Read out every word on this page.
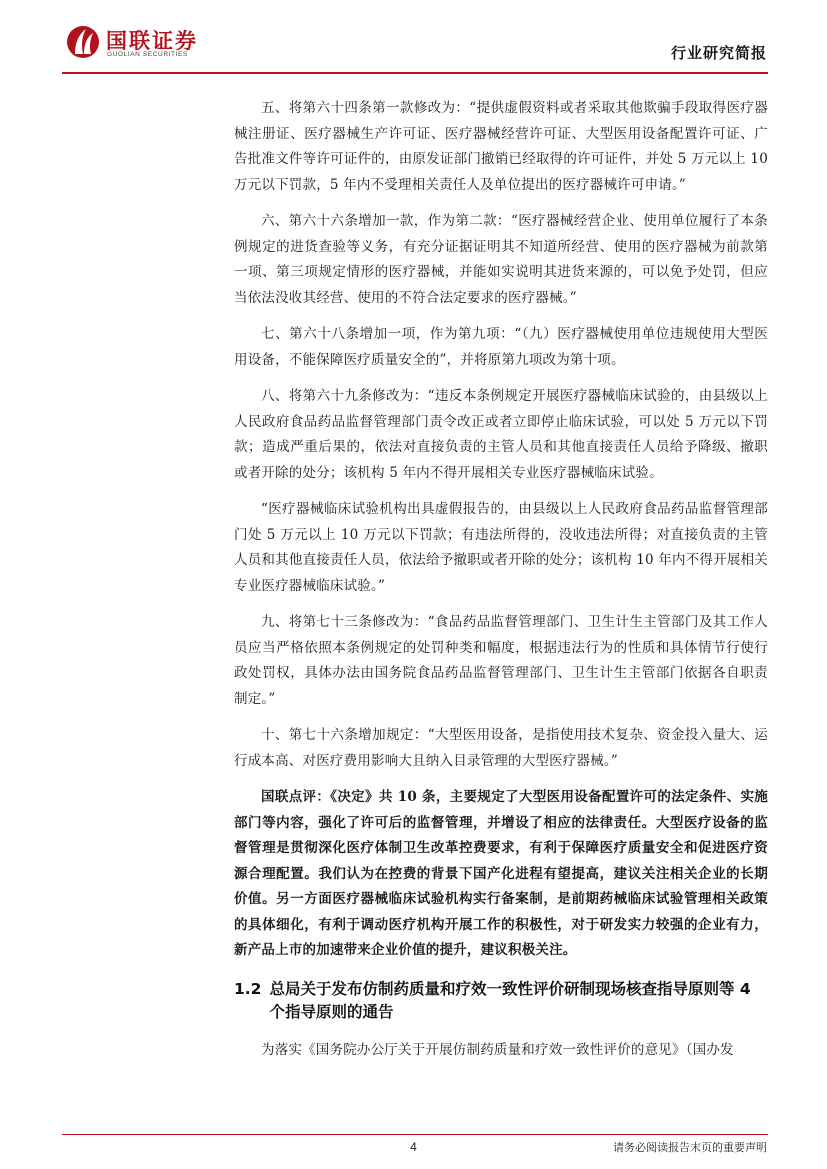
国联证券
GUOLIAN SECURITIES	行业研究简报

五、将第六十四条第一款修改为：“提供虚假资料或者采取其他欺骗手段取得医疗器械注册证、医疗器械生产许可证、医疗器械经营许可证、大型医用设备配置许可证、广告批准文件等许可证件的，由原发证部门撤销已经取得的许可证件，并处 5 万元以上 10 万元以下罚款，5 年内不受理相关责任人及单位提出的医疗器械许可申请。”

六、第六十六条增加一款，作为第二款：“医疗器械经营企业、使用单位履行了本条例规定的进货查验等义务，有充分证据证明其不知道所经营、使用的医疗器械为前款第一项、第三项规定情形的医疗器械，并能如实说明其进货来源的，可以免予处罚，但应当依法没收其经营、使用的不符合法定要求的医疗器械。”

七、第六十八条增加一项，作为第九项：“（九）医疗器械使用单位违规使用大型医用设备，不能保障医疗质量安全的”，并将原第九项改为第十项。

八、将第六十九条修改为：“违反本条例规定开展医疗器械临床试验的，由县级以上人民政府食品药品监督管理部门责令改正或者立即停止临床试验，可以处 5 万元以下罚款；造成严重后果的，依法对直接负责的主管人员和其他直接责任人员给予降级、撤职或者开除的处分；该机构 5 年内不得开展相关专业医疗器械临床试验。

“医疗器械临床试验机构出具虚假报告的，由县级以上人民政府食品药品监督管理部门处 5 万元以上 10 万元以下罚款；有违法所得的，没收违法所得；对直接负责的主管人员和其他直接责任人员，依法给予撤职或者开除的处分；该机构 10 年内不得开展相关专业医疗器械临床试验。”

九、将第七十三条修改为：“食品药品监督管理部门、卫生计生主管部门及其工作人员应当严格依照本条例规定的处罚种类和幅度，根据违法行为的性质和具体情节行使行政处罚权，具体办法由国务院食品药品监督管理部门、卫生计生主管部门依据各自职责制定。”

十、第七十六条增加规定：“大型医用设备，是指使用技术复杂、资金投入量大、运行成本高、对医疗费用影响大且纳入目录管理的大型医疗器械。”

国联点评：《决定》共 10 条，主要规定了大型医用设备配置许可的法定条件、实施部门等内容，强化了许可后的监督管理，并增设了相应的法律责任。大型医疗设备的监督管理是贯彻深化医疗体制卫生改革控费要求，有利于保障医疗质量安全和促进医疗资源合理配置。我们认为在控费的背景下国产化进程有望提高，建议关注相关企业的长期价值。另一方面医疗器械临床试验机构实行备案制，是前期药械临床试验管理相关政策的具体细化，有利于调动医疗机构开展工作的积极性，对于研发实力较强的企业有力，新产品上市的加速带来企业价值的提升，建议积极关注。

1.2 总局关于发布仿制药质量和疗效一致性评价研制现场核查指导原则等 4 个指导原则的通告

为落实《国务院办公厅关于开展仿制药质量和疗效一致性评价的意见》（国办发

4	请务必阅读报告末页的重要声明
